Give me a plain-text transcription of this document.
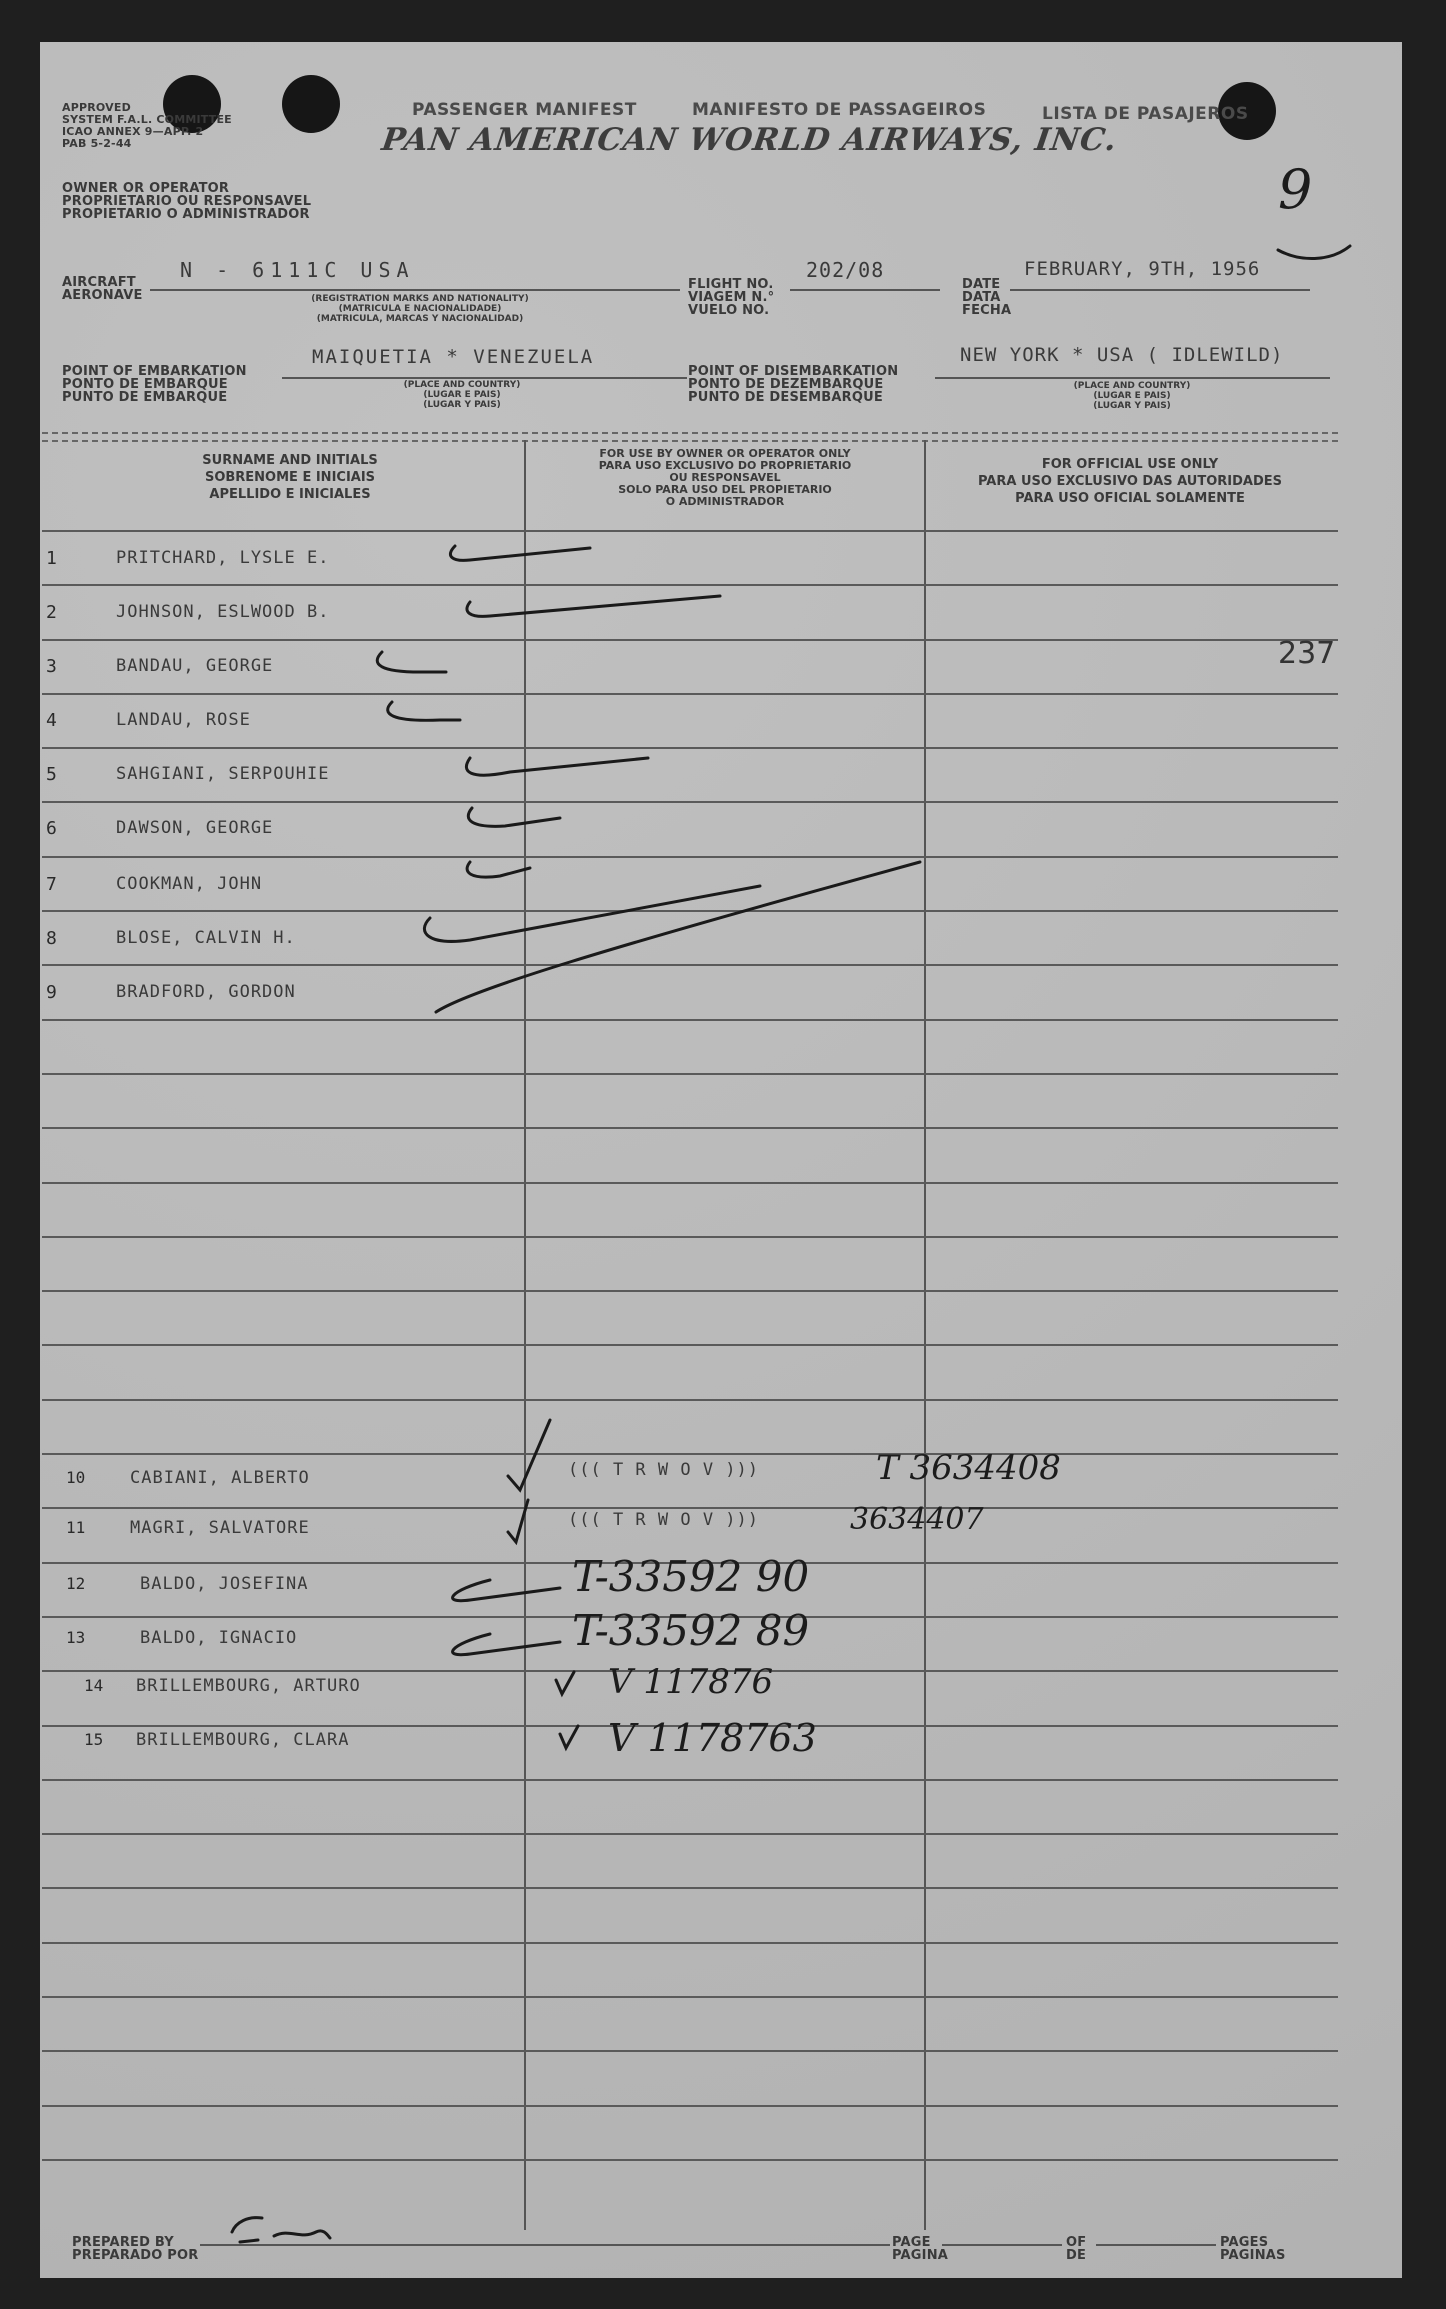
APPROVED
SYSTEM F.A.L. COMMITTEE
ICAO ANNEX 9—APP. 2
PAB 5-2-44
PASSENGER MANIFEST	MANIFESTO DE PASSAGEIROS	LISTA DE PASAJEROS
OWNER OR OPERATOR
PROPRIETARIO OU RESPONSAVEL
PROPIETARIO O ADMINISTRADOR
PAN AMERICAN WORLD AIRWAYS, INC.
9
AIRCRAFT
AERONAVE
N - 6111C USA
(REGISTRATION MARKS AND NATIONALITY)
(MATRICULA E NACIONALIDADE)
(MATRICULA, MARCAS Y NACIONALIDAD)
FLIGHT NO.
VIAGEM N.°
VUELO NO.
202/08
DATE
DATA
FECHA
FEBRUARY, 9TH, 1956
POINT OF EMBARKATION
PONTO DE EMBARQUE
PUNTO DE EMBARQUE
MAIQUETIA * VENEZUELA
(PLACE AND COUNTRY)
(LUGAR E PAIS)
(LUGAR Y PAIS)
POINT OF DISEMBARKATION
PONTO DE DEZEMBARQUE
PUNTO DE DESEMBARQUE
NEW YORK * USA ( IDLEWILD)
(PLACE AND COUNTRY)
(LUGAR E PAIS)
(LUGAR Y PAIS)
SURNAME AND INITIALS
SOBRENOME E INICIAIS
APELLIDO E INICIALES
FOR USE BY OWNER OR OPERATOR ONLY
PARA USO EXCLUSIVO DO PROPRIETARIO
OU RESPONSAVEL
SOLO PARA USO DEL PROPIETARIO
O ADMINISTRADOR
FOR OFFICIAL USE ONLY
PARA USO EXCLUSIVO DAS AUTORIDADES
PARA USO OFICIAL SOLAMENTE
1	PRITCHARD, LYSLE E.
2	JOHNSON, ESLWOOD B.
3	BANDAU, GEORGE
4	LANDAU, ROSE
5	SAHGIANI, SERPOUHIE
6	DAWSON, GEORGE
7	COOKMAN, JOHN
8	BLOSE, CALVIN H.
9	BRADFORD, GORDON
237
10	CABIANI, ALBERTO	((( T R W O V )))	T 3634408
11	MAGRI, SALVATORE	((( T R W O V )))	3634407
12	BALDO, JOSEFINA	T-33592 90
13	BALDO, IGNACIO	T-33592 89
14 BRILLEMBOURG, ARTURO	V 117876
15 BRILLEMBOURG, CLARA	V 1178763
PREPARED BY
PREPARADO POR
PAGE
PAGINA
OF
DE
PAGES
PAGINAS
